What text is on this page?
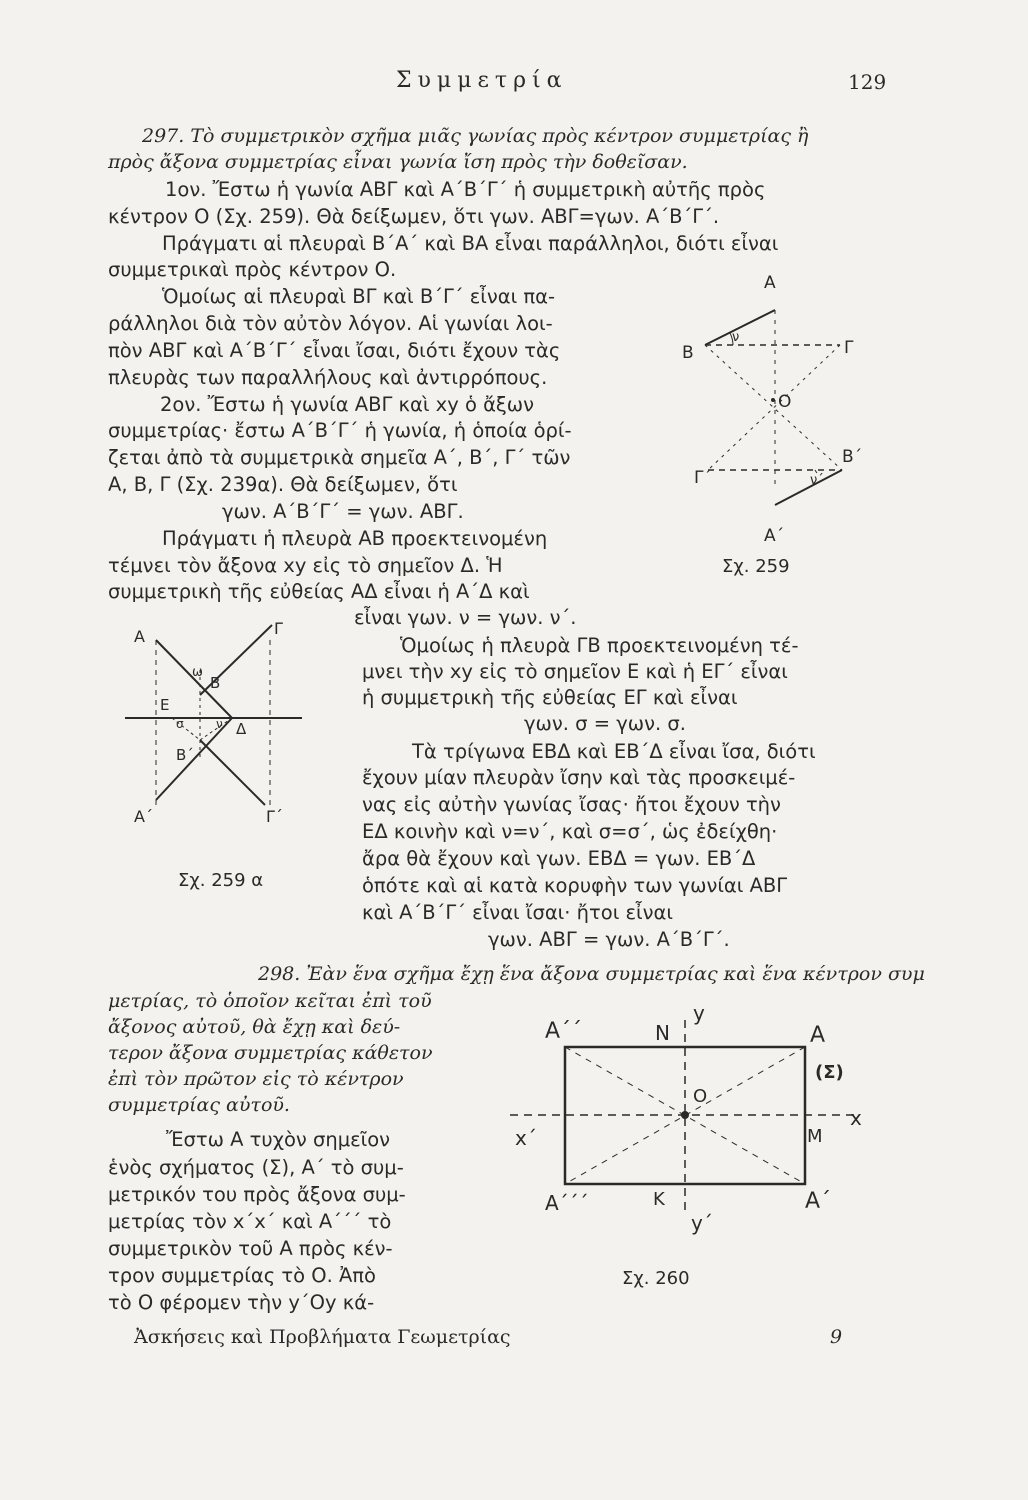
Συμμετρία	129
297. Τὸ συμμετρικὸν σχῆμα μιᾶς γωνίας πρὸς κέντρον συμμετρίας ἢ
πρὸς ἄξονα συμμετρίας εἶναι γωνία ἴση πρὸς τὴν δοθεῖσαν.
1ον. Ἔστω ἡ γωνία ΑΒΓ καὶ Α΄Β΄Γ΄ ἡ συμμετρικὴ αὐτῆς πρὸς
κέντρον Ο (Σχ. 259). Θὰ δείξωμεν, ὅτι γων. ΑΒΓ=γων. Α΄Β΄Γ΄.
Πράγματι αἱ πλευραὶ Β΄Α΄ καὶ ΒΑ εἶναι παράλληλοι, διότι εἶναι
συμμετρικαὶ πρὸς κέντρον Ο.
Ὁμοίως αἱ πλευραὶ ΒΓ καὶ Β΄Γ΄ εἶναι πα-
ράλληλοι διὰ τὸν αὐτὸν λόγον. Αἱ γωνίαι λοι-
πὸν ΑΒΓ καὶ Α΄Β΄Γ΄ εἶναι ἴσαι, διότι ἔχουν τὰς
πλευρὰς των παραλλήλους καὶ ἀντιρρόπους.
2ον. Ἔστω ἡ γωνία ΑΒΓ καὶ xy ὁ ἄξων
συμμετρίας· ἔστω Α΄Β΄Γ΄ ἡ γωνία, ἡ ὁποία ὁρί-
ζεται ἀπὸ τὰ συμμετρικὰ σημεῖα Α΄, Β΄, Γ΄ τῶν
Α, Β, Γ (Σχ. 239α). Θὰ δείξωμεν, ὅτι
γων. Α΄Β΄Γ΄ = γων. ΑΒΓ.
Πράγματι ἡ πλευρὰ ΑΒ προεκτεινομένη
τέμνει τὸν ἄξονα xy εἰς τὸ σημεῖον Δ. Ἡ
συμμετρικὴ τῆς εὐθείας ΑΔ εἶναι ἡ Α΄Δ καὶ
εἶναι γων. ν = γων. ν΄.
Ὁμοίως ἡ πλευρὰ ΓΒ προεκτεινομένη τέ-
μνει τὴν xy εἰς τὸ σημεῖον Ε καὶ ἡ ΕΓ΄ εἶναι
ἡ συμμετρικὴ τῆς εὐθείας ΕΓ καὶ εἶναι
γων. σ = γων. σ.
Τὰ τρίγωνα ΕΒΔ καὶ ΕΒ΄Δ εἶναι ἴσα, διότι
ἔχουν μίαν πλευρὰν ἴσην καὶ τὰς προσκειμέ-
νας εἰς αὐτὴν γωνίας ἴσας· ἤτοι ἔχουν τὴν
ΕΔ κοινὴν καὶ ν=ν΄, καὶ σ=σ΄, ὡς ἐδείχθη·
ἄρα θὰ ἔχουν καὶ γων. ΕΒΔ = γων. ΕΒ΄Δ
ὁπότε καὶ αἱ κατὰ κορυφὴν των γωνίαι ΑΒΓ
καὶ Α΄Β΄Γ΄ εἶναι ἴσαι· ἤτοι εἶναι
γων. ΑΒΓ = γων. Α΄Β΄Γ΄.
298. Ἐὰν ἕνα σχῆμα ἔχῃ ἕνα ἄξονα συμμετρίας καὶ ἕνα κέντρον συμ
μετρίας, τὸ ὁποῖον κεῖται ἐπὶ τοῦ
ἄξονος αὐτοῦ, θὰ ἔχῃ καὶ δεύ-
τερον ἄξονα συμμετρίας κάθετον
ἐπὶ τὸν πρῶτον εἰς τὸ κέντρον
συμμετρίας αὐτοῦ.
Ἔστω Α τυχὸν σημεῖον
ἑνὸς σχήματος (Σ), Α΄ τὸ συμ-
μετρικόν του πρὸς ἄξονα συμ-
μετρίας τὸν x΄x΄ καὶ Α΄΄΄ τὸ
συμμετρικὸν τοῦ Α πρὸς κέν-
τρον συμμετρίας τὸ Ο. Ἀπὸ
τὸ Ο φέρομεν τὴν y΄Oy κά-
Ἀσκήσεις καὶ Προβλήματα Γεωμετρίας	9
Α
Β	Γ
ν
Ο
Γ΄	ν΄
Β΄
Α΄
Σχ. 259
Α	Γ
ω
Β
Ε
σ	ν Δ
Β΄
Α΄	Γ΄
Σχ. 259 α
Α΄΄	Ν
y
Α
(Σ)
Ο
x΄
x
Μ
Α΄΄΄	Κ
y΄
Α΄
Σχ. 260
